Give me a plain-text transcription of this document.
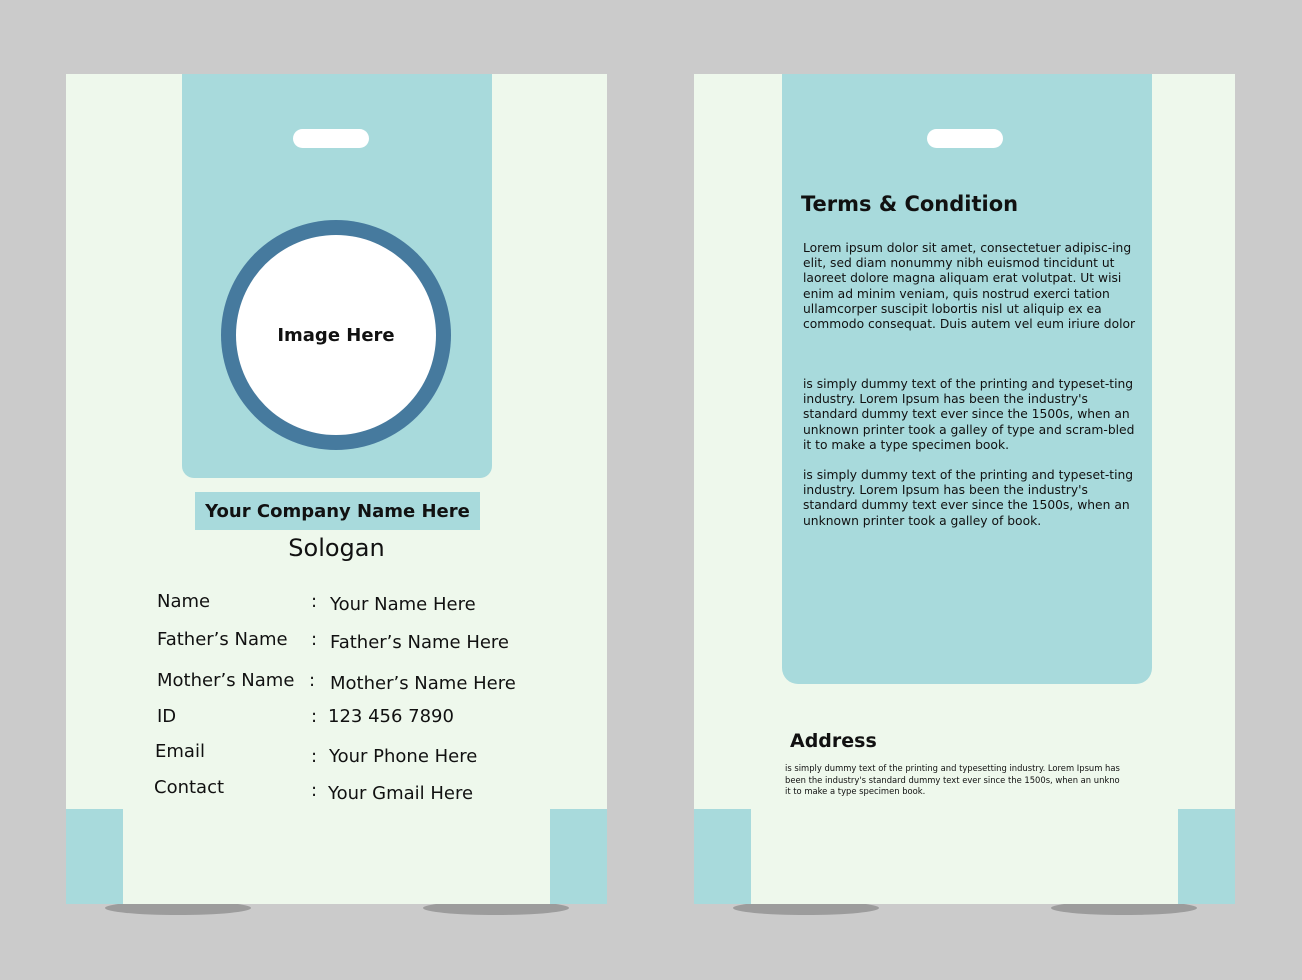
Image Here
Your Company Name Here
Sologan
Name	: Your Name Here
Father’s Name : Father’s Name Here
Mother’s Name : Mother’s Name Here
ID	: 123 456 7890
Email	: Your Phone Here
Contact	: Your Gmail Here
Terms & Condition
Lorem ipsum dolor sit amet, consectetuer adipisc-ing elit, sed diam nonummy nibh euismod tincidunt ut laoreet dolore magna aliquam erat volutpat. Ut wisi enim ad minim veniam, quis nostrud exerci tation ullamcorper suscipit lobortis nisl ut aliquip ex ea commodo consequat. Duis autem vel eum iriure dolor
is simply dummy text of the printing and typeset-ting industry. Lorem Ipsum has been the industry's standard dummy text ever since the 1500s, when an unknown printer took a galley of type and scram-bled it to make a type specimen book.
is simply dummy text of the printing and typeset-ting industry. Lorem Ipsum has been the industry's standard dummy text ever since the 1500s, when an unknown printer took a galley of book.
Address
is simply dummy text of the printing and typesetting industry. Lorem Ipsum has been the industry's standard dummy text ever since the 1500s, when an unkno it to make a type specimen book.
